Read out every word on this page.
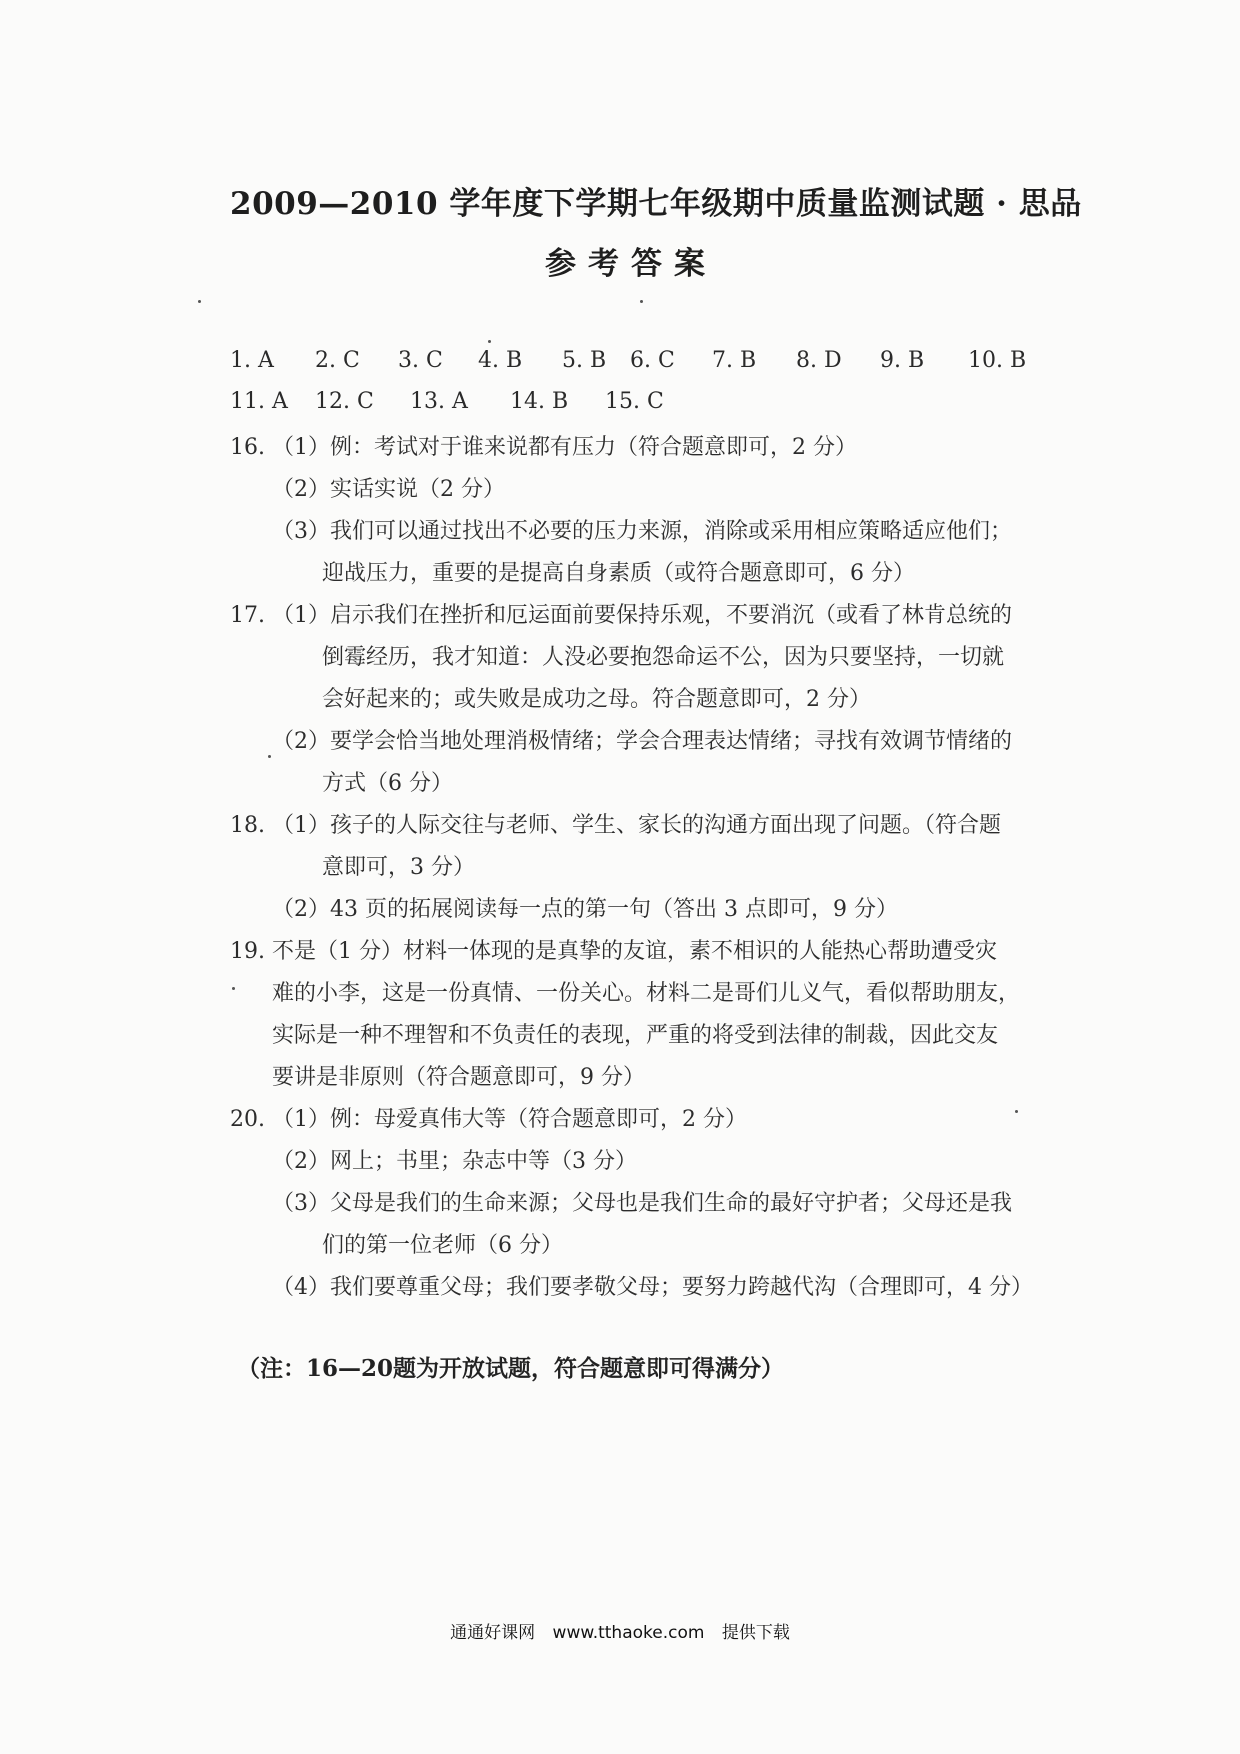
2009—2010 学年度下学期七年级期中质量监测试题 · 思品
参考答案
1. A 2. C 3. C 4. B 5. B 6. C 7. B 8. D 9. B 10. B
11. A 12. C 13. A 14. B 15. C
16. （1）例：考试对于谁来说都有压力（符合题意即可，2 分）
（2）实话实说（2 分）
（3）我们可以通过找出不必要的压力来源，消除或采用相应策略适应他们；
迎战压力，重要的是提高自身素质（或符合题意即可，6 分）
17. （1）启示我们在挫折和厄运面前要保持乐观，不要消沉（或看了林肯总统的
倒霉经历，我才知道：人没必要抱怨命运不公，因为只要坚持，一切就
会好起来的；或失败是成功之母。符合题意即可，2 分）
（2）要学会恰当地处理消极情绪；学会合理表达情绪；寻找有效调节情绪的
方式（6 分）
18. （1）孩子的人际交往与老师、学生、家长的沟通方面出现了问题。（符合题
意即可，3 分）
（2）43 页的拓展阅读每一点的第一句（答出 3 点即可，9 分）
19. 不是（1 分）材料一体现的是真挚的友谊，素不相识的人能热心帮助遭受灾
难的小李，这是一份真情、一份关心。材料二是哥们儿义气，看似帮助朋友，
实际是一种不理智和不负责任的表现，严重的将受到法律的制裁，因此交友
要讲是非原则（符合题意即可，9 分）
20. （1）例：母爱真伟大等（符合题意即可，2 分）
（2）网上；书里；杂志中等（3 分）
（3）父母是我们的生命来源；父母也是我们生命的最好守护者；父母还是我
们的第一位老师（6 分）
（4）我们要尊重父母；我们要孝敬父母；要努力跨越代沟（合理即可，4 分）
（注：16—20题为开放试题，符合题意即可得满分）
通通好课网 www.tthaoke.com 提供下载
